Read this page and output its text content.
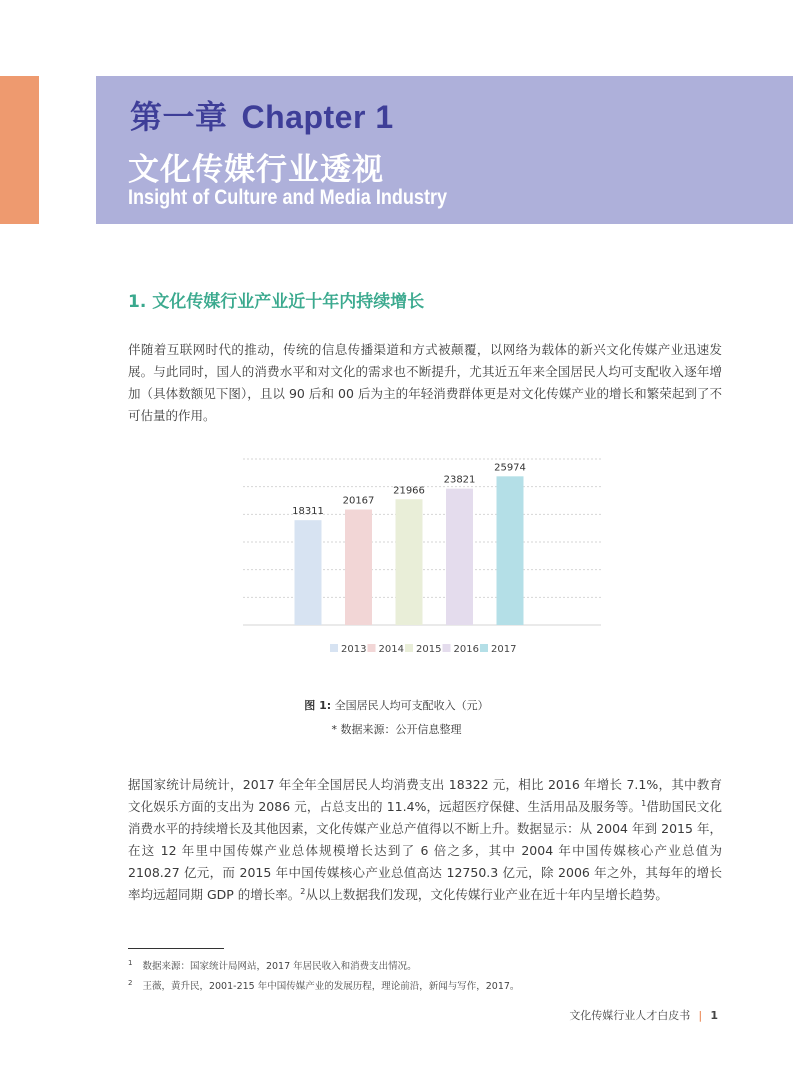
第一章 Chapter 1
文化传媒行业透视
Insight of Culture and Media Industry
1. 文化传媒行业产业近十年内持续增长
伴随着互联网时代的推动，传统的信息传播渠道和方式被颠覆，以网络为载体的新兴文化传媒产业迅速发展。与此同时，国人的消费水平和对文化的需求也不断提升，尤其近五年来全国居民人均可支配收入逐年增加（具体数额见下图），且以 90 后和 00 后为主的年轻消费群体更是对文化传媒产业的增长和繁荣起到了不可估量的作用。
18311
20167
21966
23821
25974
2013 2014 2015 2016 2017
图 1: 全国居民人均可支配收入（元）
* 数据来源：公开信息整理
据国家统计局统计，2017 年全年全国居民人均消费支出 18322 元，相比 2016 年增长 7.1%，其中教育文化娱乐方面的支出为 2086 元，占总支出的 11.4%，远超医疗保健、生活用品及服务等。$^1$借助国民文化消费水平的持续增长及其他因素，文化传媒产业总产值得以不断上升。数据显示：从 2004 年到 2015 年，在这 12 年里中国传媒产业总体规模增长达到了 6 倍之多，其中 2004 年中国传媒核心产业总值为 2108.27 亿元，而 2015 年中国传媒核心产业总值高达 12750.3 亿元，除 2006 年之外，其每年的增长率均远超同期 GDP 的增长率。$^2$从以上数据我们发现，文化传媒行业产业在近十年内呈增长趋势。
$^1$ 数据来源：国家统计局网站，2017 年居民收入和消费支出情况。
$^2$ 王薇，黄升民，2001-215 年中国传媒产业的发展历程，理论前沿，新闻与写作，2017。
文化传媒行业人才白皮书 | 1
